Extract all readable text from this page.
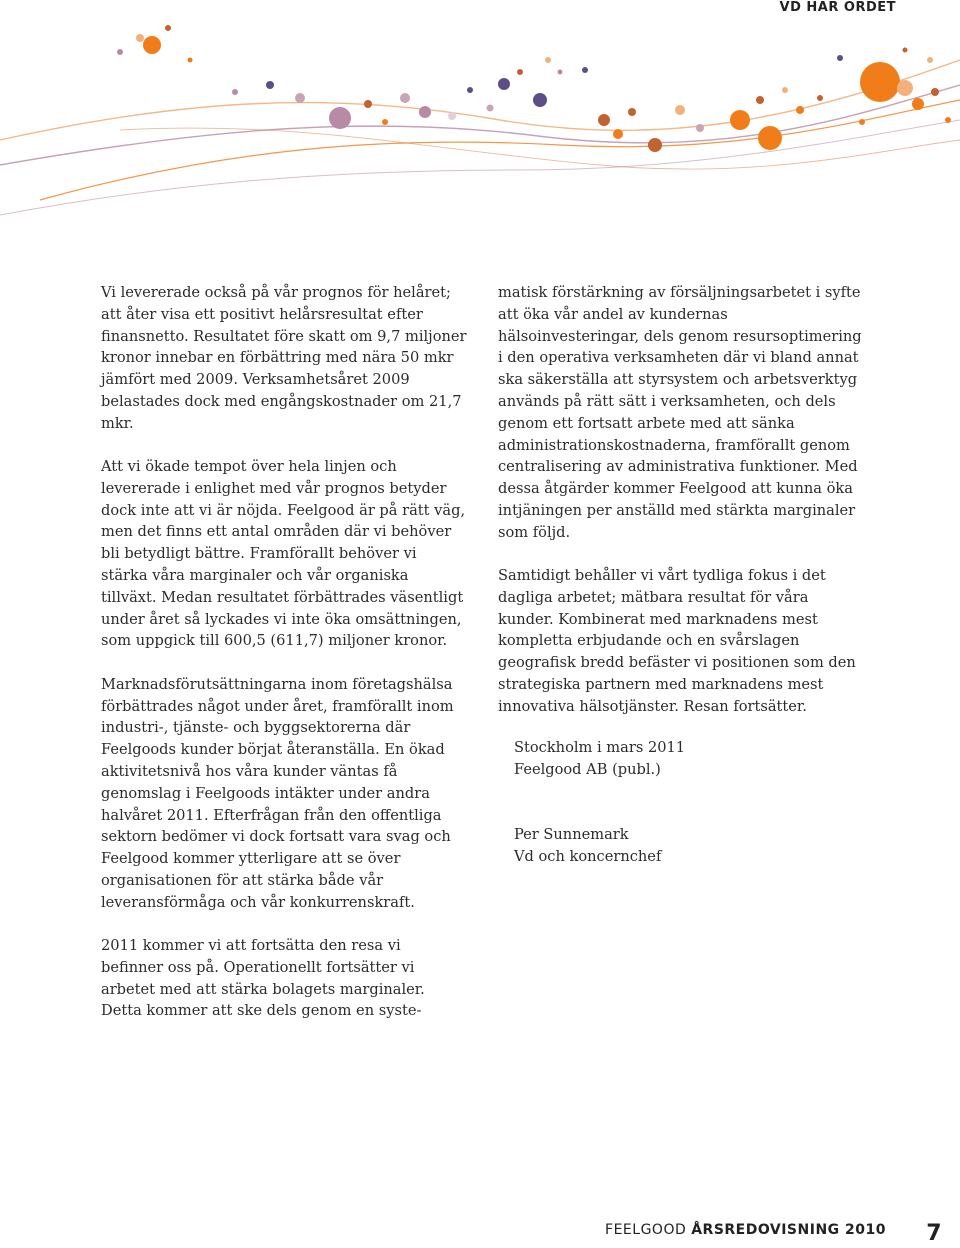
VD HAR ORDET

Vi levererade också på vår prognos för helåret; att åter visa ett positivt helårsresultat efter finansnetto. Resultatet före skatt om 9,7 miljoner kronor innebar en förbättring med nära 50 mkr jämfört med 2009. Verksamhetsåret 2009 belastades dock med engångskostnader om 21,7 mkr.

Att vi ökade tempot över hela linjen och levererade i enlighet med vår prognos betyder dock inte att vi är nöjda. Feelgood är på rätt väg, men det finns ett antal områden där vi behöver bli betydligt bättre. Framförallt behöver vi stärka våra marginaler och vår organiska tillväxt. Medan resultatet förbättrades väsentligt under året så lyckades vi inte öka omsättningen, som uppgick till 600,5 (611,7) miljoner kronor.

Marknadsförutsättningarna inom företagshälsa förbättrades något under året, framförallt inom industri-, tjänste- och byggsektorerna där Feelgoods kunder börjat återanställa. En ökad aktivitetsnivå hos våra kunder väntas få genomslag i Feelgoods intäkter under andra halvåret 2011. Efterfrågan från den offentliga sektorn bedömer vi dock fortsatt vara svag och Feelgood kommer ytterligare att se över organisationen för att stärka både vår leveransförmåga och vår konkurrenskraft.

2011 kommer vi att fortsätta den resa vi befinner oss på. Operationellt fortsätter vi arbetet med att stärka bolagets marginaler. Detta kommer att ske dels genom en syste-

matisk förstärkning av försäljningsarbetet i syfte att öka vår andel av kundernas hälsoinvesteringar, dels genom resursoptimering i den operativa verksamheten där vi bland annat ska säkerställa att styrsystem och arbetsverktyg används på rätt sätt i verksamheten, och dels genom ett fortsatt arbete med att sänka administrationskostnaderna, framförallt genom centralisering av administrativa funktioner. Med dessa åtgärder kommer Feelgood att kunna öka intjäningen per anställd med stärkta marginaler som följd.

Samtidigt behåller vi vårt tydliga fokus i det dagliga arbetet; mätbara resultat för våra kunder. Kombinerat med marknadens mest kompletta erbjudande och en svårslagen geografisk bredd befäster vi positionen som den strategiska partnern med marknadens mest innovativa hälsotjänster. Resan fortsätter.

Stockholm i mars 2011

Feelgood AB (publ.)

Per Sunnemark

Vd och koncernchef

FEELGOOD ÅRSREDOVISNING 2010 7
